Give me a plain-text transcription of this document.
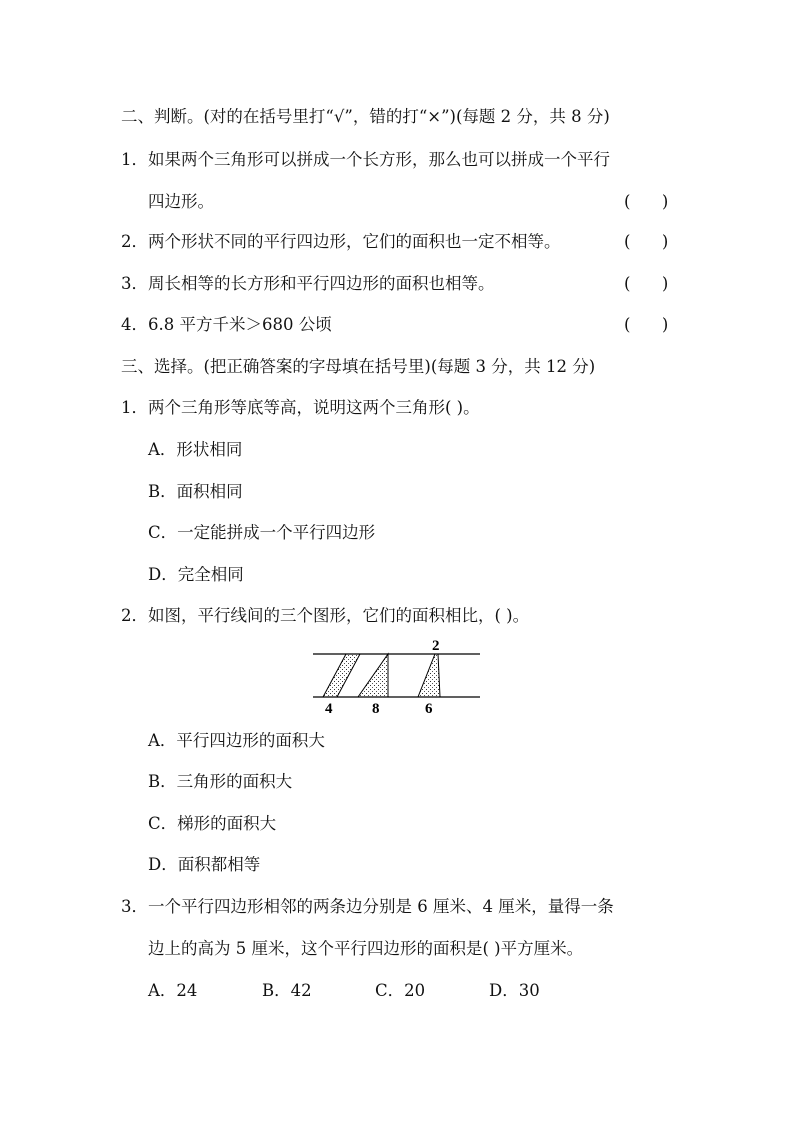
二、判断。(对的在括号里打“√”，错的打“×”)(每题 2 分，共 8 分)
1．如果两个三角形可以拼成一个长方形，那么也可以拼成一个平行
四边形。	(      )
2．两个形状不同的平行四边形，它们的面积也一定不相等。	(      )
3．周长相等的长方形和平行四边形的面积也相等。	(      )
4．6.8 平方千米＞680 公顷	(      )
三、选择。(把正确答案的字母填在括号里)(每题 3 分，共 12 分)
1．两个三角形等底等高，说明这两个三角形( )。
A．形状相同
B．面积相同
C．一定能拼成一个平行四边形
D．完全相同
2．如图，平行线间的三个图形，它们的面积相比，( )。
4	8	6
2
A．平行四边形的面积大
B．三角形的面积大
C．梯形的面积大
D．面积都相等
3．一个平行四边形相邻的两条边分别是 6 厘米、4 厘米，量得一条
边上的高为 5 厘米，这个平行四边形的面积是( )平方厘米。
A．24	B．42	C．20	D．30
